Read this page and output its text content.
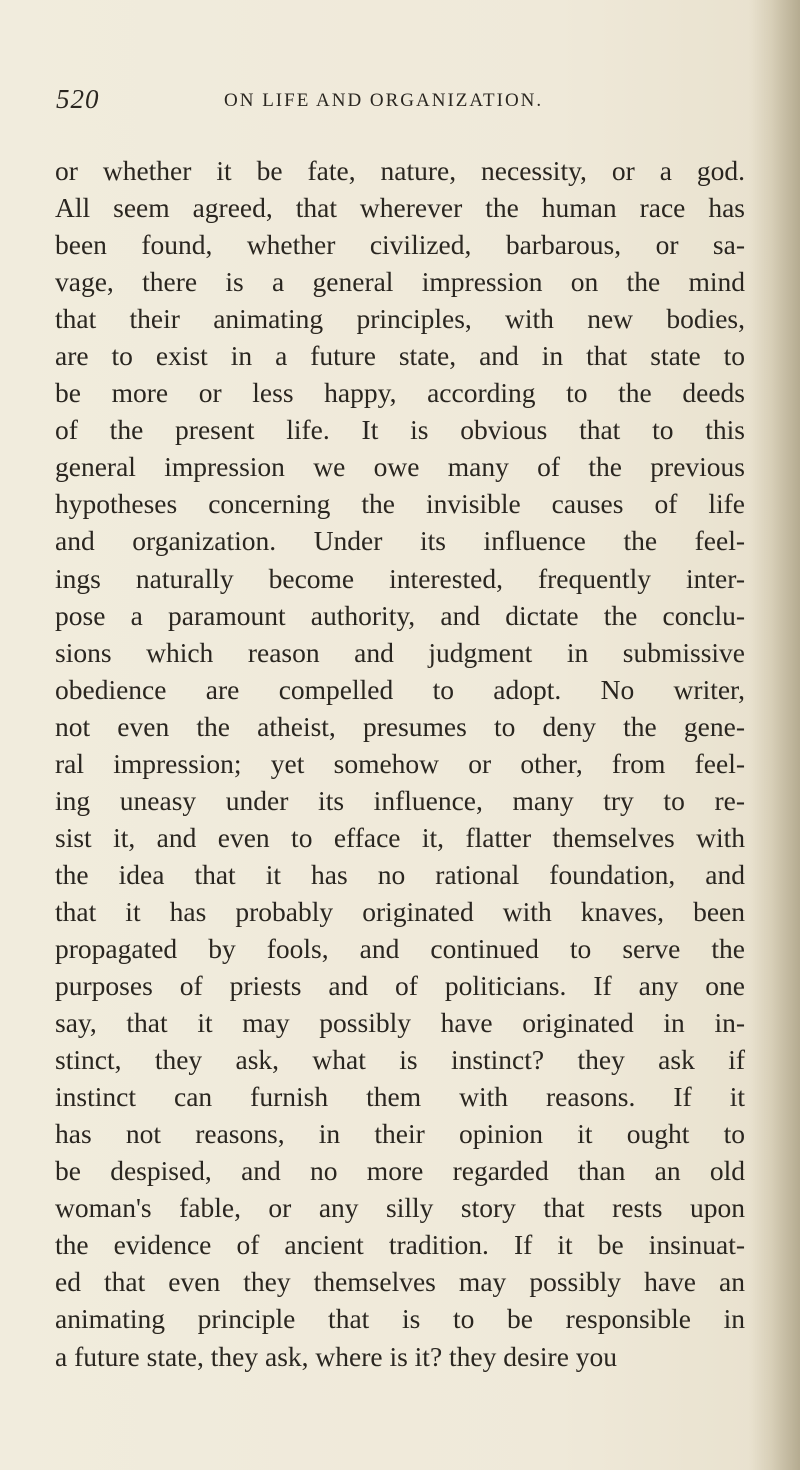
520	ON LIFE AND ORGANIZATION.
or whether it be fate, nature, necessity, or a god.
All seem agreed, that wherever the human race has
been found, whether civilized, barbarous, or sa-
vage, there is a general impression on the mind
that their animating principles, with new bodies,
are to exist in a future state, and in that state to
be more or less happy, according to the deeds
of the present life. It is obvious that to this
general impression we owe many of the previous
hypotheses concerning the invisible causes of life
and organization. Under its influence the feel-
ings naturally become interested, frequently inter-
pose a paramount authority, and dictate the conclu-
sions which reason and judgment in submissive
obedience are compelled to adopt. No writer,
not even the atheist, presumes to deny the gene-
ral impression; yet somehow or other, from feel-
ing uneasy under its influence, many try to re-
sist it, and even to efface it, flatter themselves with
the idea that it has no rational foundation, and
that it has probably originated with knaves, been
propagated by fools, and continued to serve the
purposes of priests and of politicians. If any one
say, that it may possibly have originated in in-
stinct, they ask, what is instinct? they ask if
instinct can furnish them with reasons. If it
has not reasons, in their opinion it ought to
be despised, and no more regarded than an old
woman's fable, or any silly story that rests upon
the evidence of ancient tradition. If it be insinuat-
ed that even they themselves may possibly have an
animating principle that is to be responsible in
a future state, they ask, where is it? they desire you
